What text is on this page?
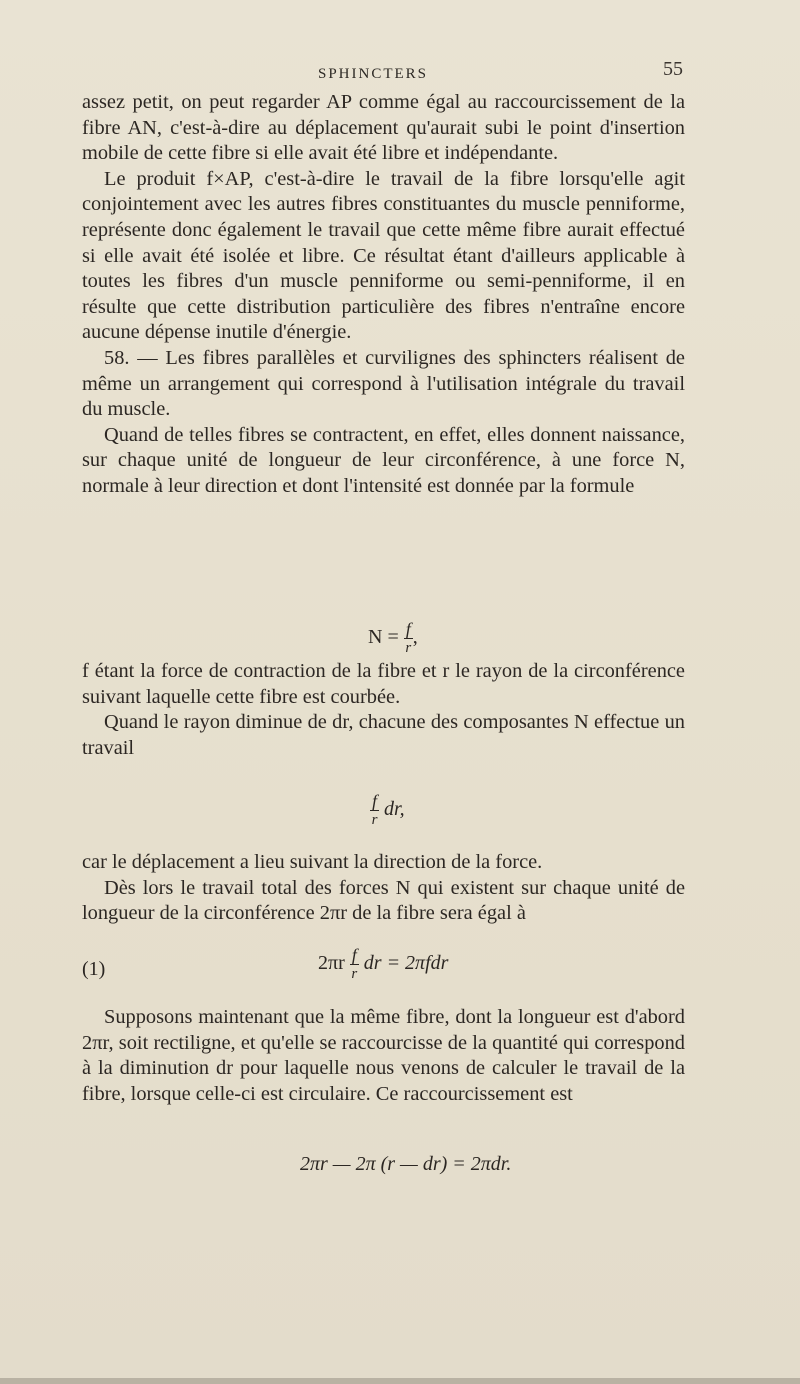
SPHINCTERS	55

assez petit, on peut regarder AP comme égal au raccourcissement de la fibre AN, c'est-à-dire au déplacement qu'aurait subi le point d'insertion mobile de cette fibre si elle avait été libre et indépendante.

Le produit f×AP, c'est-à-dire le travail de la fibre lorsqu'elle agit conjointement avec les autres fibres constituantes du muscle penniforme, représente donc également le travail que cette même fibre aurait effectué si elle avait été isolée et libre. Ce résultat étant d'ailleurs applicable à toutes les fibres d'un muscle penniforme ou semi-penniforme, il en résulte que cette distribution particulière des fibres n'entraîne encore aucune dépense inutile d'énergie.

58. — Les fibres parallèles et curvilignes des sphincters réalisent de même un arrangement qui correspond à l'utilisation intégrale du travail du muscle.

Quand de telles fibres se contractent, en effet, elles donnent naissance, sur chaque unité de longueur de leur circonférence, à une force N, normale à leur direction et dont l'intensité est donnée par la formule

$N = \frac{f}{r}$ ,

f étant la force de contraction de la fibre et r le rayon de la circonférence suivant laquelle cette fibre est courbée.

Quand le rayon diminue de dr, chacune des composantes N effectue un travail

$\frac{f}{r}$ dr,

car le déplacement a lieu suivant la direction de la force.

Dès lors le travail total des forces N qui existent sur chaque unité de longueur de la circonférence 2πr de la fibre sera égal à

(1)	$2\pi r \frac{f}{r}$ dr = 2πfdr

Supposons maintenant que la même fibre, dont la longueur est d'abord 2πr, soit rectiligne, et qu'elle se raccourcisse de la quantité qui correspond à la diminution dr pour laquelle nous venons de calculer le travail de la fibre, lorsque celle-ci est circulaire. Ce raccourcissement est

2πr — 2π (r — dr) = 2πdr.
